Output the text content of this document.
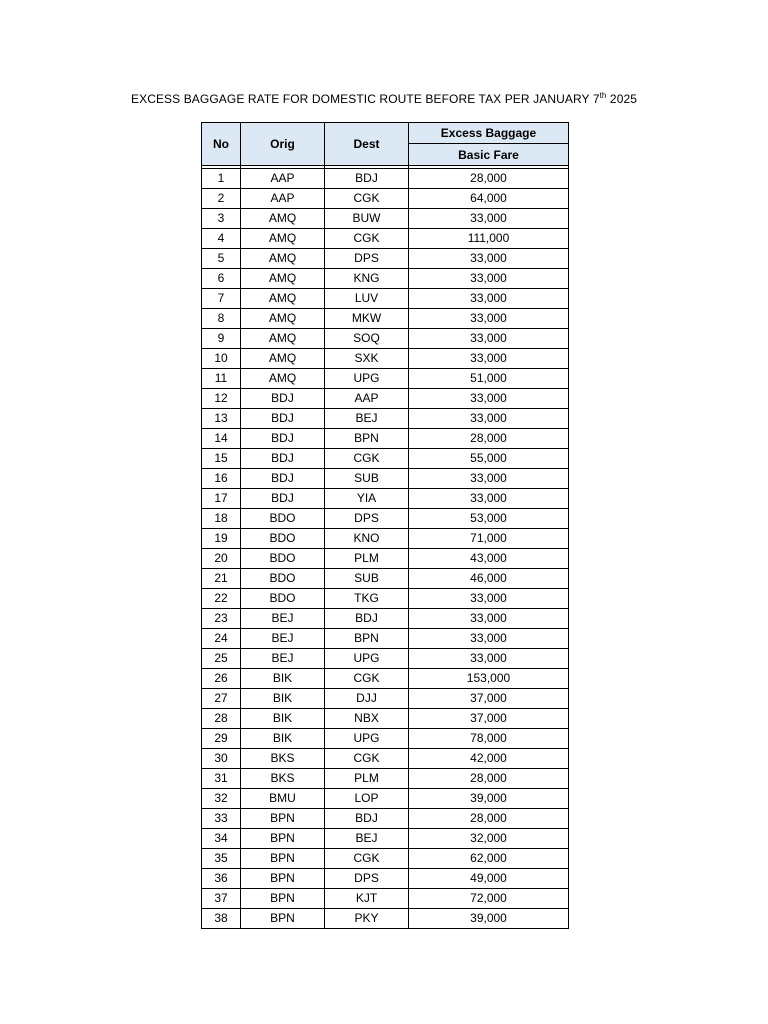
EXCESS BAGGAGE RATE FOR DOMESTIC ROUTE BEFORE TAX PER JANUARY 7th 2025
No	Orig	Dest	Excess Baggage
			Basic Fare

1	AAP	BDJ	28,000
2	AAP	CGK	64,000
3	AMQ	BUW	33,000
4	AMQ	CGK	111,000
5	AMQ	DPS	33,000
6	AMQ	KNG	33,000
7	AMQ	LUV	33,000
8	AMQ	MKW	33,000
9	AMQ	SOQ	33,000
10	AMQ	SXK	33,000
11	AMQ	UPG	51,000
12	BDJ	AAP	33,000
13	BDJ	BEJ	33,000
14	BDJ	BPN	28,000
15	BDJ	CGK	55,000
16	BDJ	SUB	33,000
17	BDJ	YIA	33,000
18	BDO	DPS	53,000
19	BDO	KNO	71,000
20	BDO	PLM	43,000
21	BDO	SUB	46,000
22	BDO	TKG	33,000
23	BEJ	BDJ	33,000
24	BEJ	BPN	33,000
25	BEJ	UPG	33,000
26	BIK	CGK	153,000
27	BIK	DJJ	37,000
28	BIK	NBX	37,000
29	BIK	UPG	78,000
30	BKS	CGK	42,000
31	BKS	PLM	28,000
32	BMU	LOP	39,000
33	BPN	BDJ	28,000
34	BPN	BEJ	32,000
35	BPN	CGK	62,000
36	BPN	DPS	49,000
37	BPN	KJT	72,000
38	BPN	PKY	39,000
